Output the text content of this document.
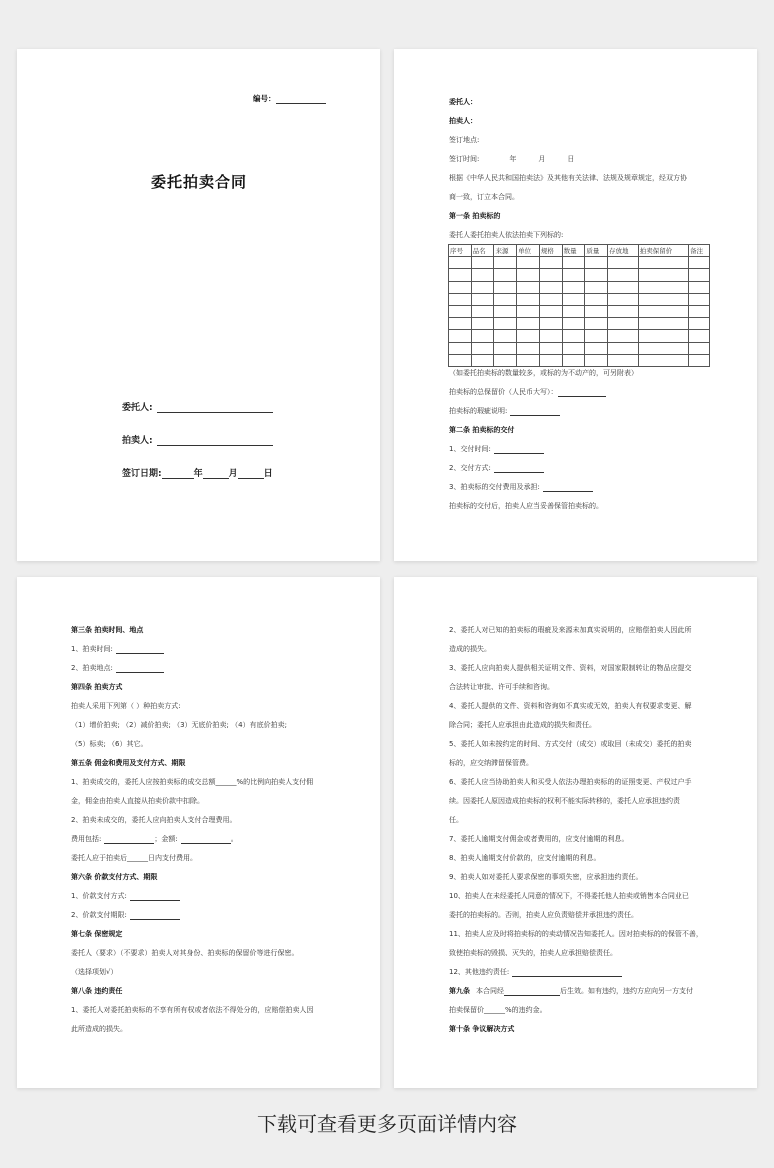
编号：
委托拍卖合同
委托人:
拍卖人:
签订日期:	年	月	日
委托人：
拍卖人：
签订地点:
签订时间:	年	月	日
根据《中华人民共和国拍卖法》及其他有关法律、法规及规章规定，经双方协
商一致，订立本合同。
第一条 拍卖标的
委托人委托拍卖人依法拍卖下列标的:
序号	品名	来源	单位	规格	数量	质量	存放地	拍卖保留价	备注

（如委托拍卖标的数量较多，或标的为不动产的，可另附表）
拍卖标的总保留价（人民币大写）：
拍卖标的瑕疵说明:
第二条 拍卖标的交付
1、交付时间:
2、交付方式:
3、拍卖标的交付费用及承担:
拍卖标的交付后，拍卖人应当妥善保管拍卖标的。
第三条 拍卖时间、地点
1、拍卖时间:
2、拍卖地点:
第四条 拍卖方式
拍卖人采用下列第（ ）种拍卖方式:
（1）增价拍卖; （2）减价拍卖; （3）无底价拍卖; （4）有底价拍卖;
（5）标卖; （6）其它。
第五条 佣金和费用及支付方式、期限
1、拍卖成交的，委托人应按拍卖标的成交总额______%的比例向拍卖人支付佣
金，佣金由拍卖人直接从拍卖价款中扣除。
2、拍卖未成交的，委托人应向拍卖人支付合理费用。
费用包括:	；金额:	。
委托人应于拍卖后______日内支付费用。
第六条 价款支付方式、期限
1、价款支付方式:
2、价款支付期限:
第七条 保密规定
委托人（要求）（不要求）拍卖人对其身份、拍卖标的保留价等进行保密。
（选择项划√）
第八条 违约责任
1、委托人对委托拍卖标的不享有所有权或者依法不得处分的，应赔偿拍卖人因
此所造成的损失。
2、委托人对已知的拍卖标的瑕疵及来源未加真实说明的，应赔偿拍卖人因此所
造成的损失。
3、委托人应向拍卖人提供相关证明文件、资料，对国家限制转让的物品应提交
合法转让审批、许可手续和咨询。
4、委托人提供的文件、资料和咨询如不真实或无效，拍卖人有权要求变更、解
除合同；委托人应承担由此造成的损失和责任。
5、委托人如未按约定的时间、方式交付（成交）或取回（未成交）委托的拍卖
标的，应交纳滞留保管费。
6、委托人应当协助拍卖人和买受人依法办理拍卖标的的证照变更、产权过户手
续。因委托人原因造成拍卖标的权利不能实际转移的，委托人应承担违约责
任。
7、委托人逾期支付佣金或者费用的，应支付逾期的利息。
8、拍卖人逾期支付价款的，应支付逾期的利息。
9、拍卖人如对委托人要求保密的事项失密，应承担违约责任。
10、拍卖人在未经委托人同意的情况下，不得委托他人拍卖或销售本合同业已
委托的拍卖标的。否则，拍卖人应负责赔偿并承担违约责任。
11、拍卖人应及时将拍卖标的的卖动情况告知委托人。因对拍卖标的的保管不善，
致使拍卖标的毁损、灭失的，拍卖人应承担赔偿责任。
12、其他违约责任:
第九条 本合同经	后生效。如有违约，违约方应向另一方支付
拍卖保留价______%的违约金。
第十条 争议解决方式
下载可查看更多页面详情内容
